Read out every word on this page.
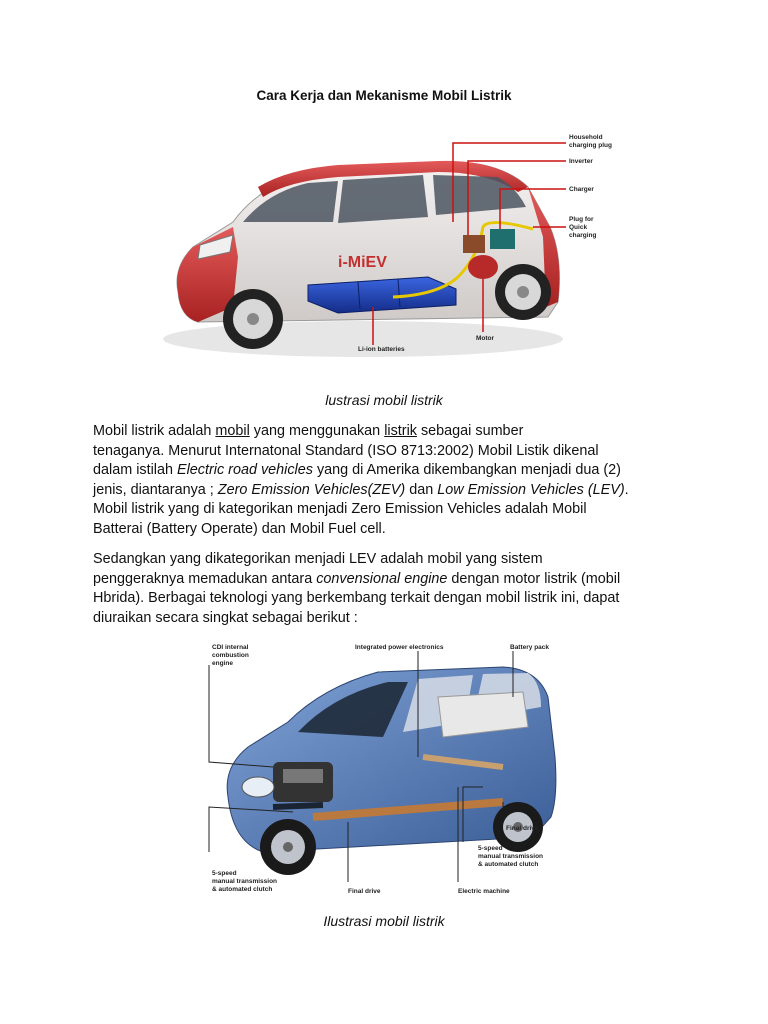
Cara Kerja dan Mekanisme Mobil Listrik
i-MiEV
Household
charging plug
Inverter
Charger
Plug for
Quick
charging
Li-ion batteries
Motor
lustrasi mobil listrik
Mobil listrik adalah mobil yang menggunakan listrik sebagai sumber
tenaganya. Menurut Internatonal Standard (ISO 8713:2002) Mobil Listik dikenal
dalam istilah Electric road vehicles yang di Amerika dikembangkan menjadi dua (2)
jenis, diantaranya ; Zero Emission Vehicles(ZEV) dan Low Emission Vehicles (LEV).
Mobil listrik yang di kategorikan menjadi Zero Emission Vehicles adalah Mobil
Batterai (Battery Operate) dan Mobil Fuel cell.
Sedangkan yang dikategorikan menjadi LEV adalah mobil yang sistem
penggeraknya memadukan antara convensional engine dengan motor listrik (mobil
Hbrida). Berbagai teknologi yang berkembang terkait dengan mobil listrik ini, dapat
diuraikan secara singkat sebagai berikut :
CDI internal
combustion
engine
Integrated power electronics	Battery pack
Final drive
5-speed
manual transmission
& automated clutch
5-speed
manual transmission
& automated clutch	Final drive	Electric machine
Ilustrasi mobil listrik
